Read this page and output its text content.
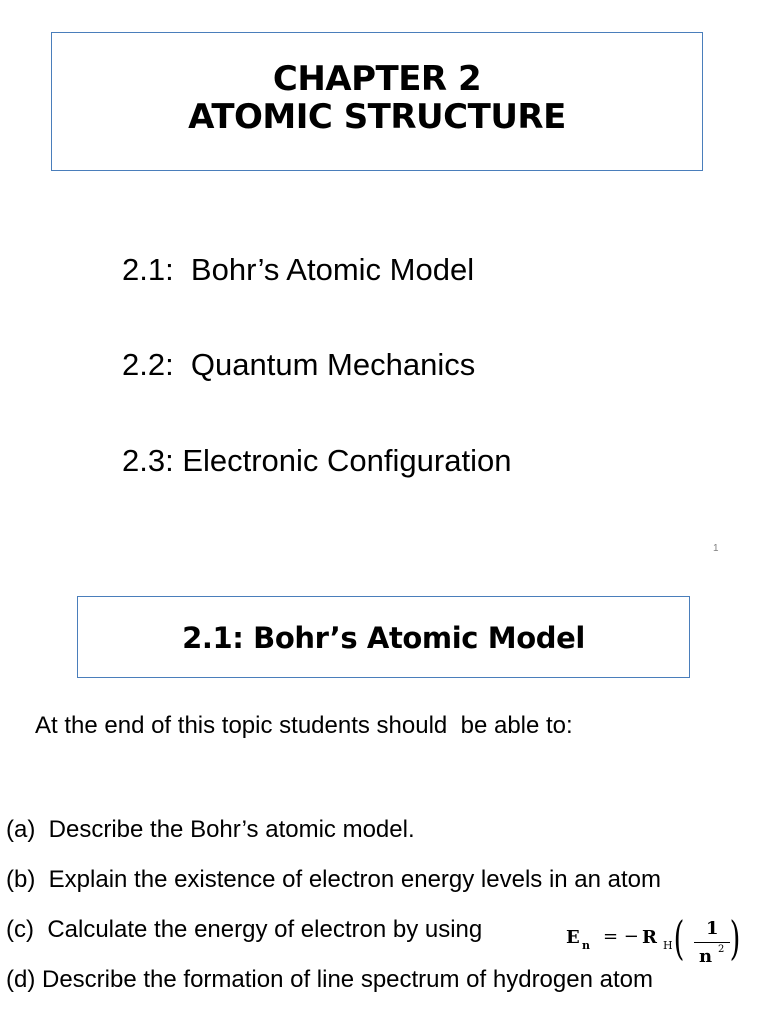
CHAPTER 2
ATOMIC STRUCTURE
2.1:  Bohr’s Atomic Model
2.2:  Quantum Mechanics
2.3: Electronic Configuration
1
2.1: Bohr’s Atomic Model
At the end of this topic students should  be able to:
(a)  Describe the Bohr’s atomic model.
(b)  Explain the existence of electron energy levels in an atom
(c)  Calculate the energy of electron by using
(d) Describe the formation of line spectrum of hydrogen atom
E n = − R H ( 1
n 2 )
